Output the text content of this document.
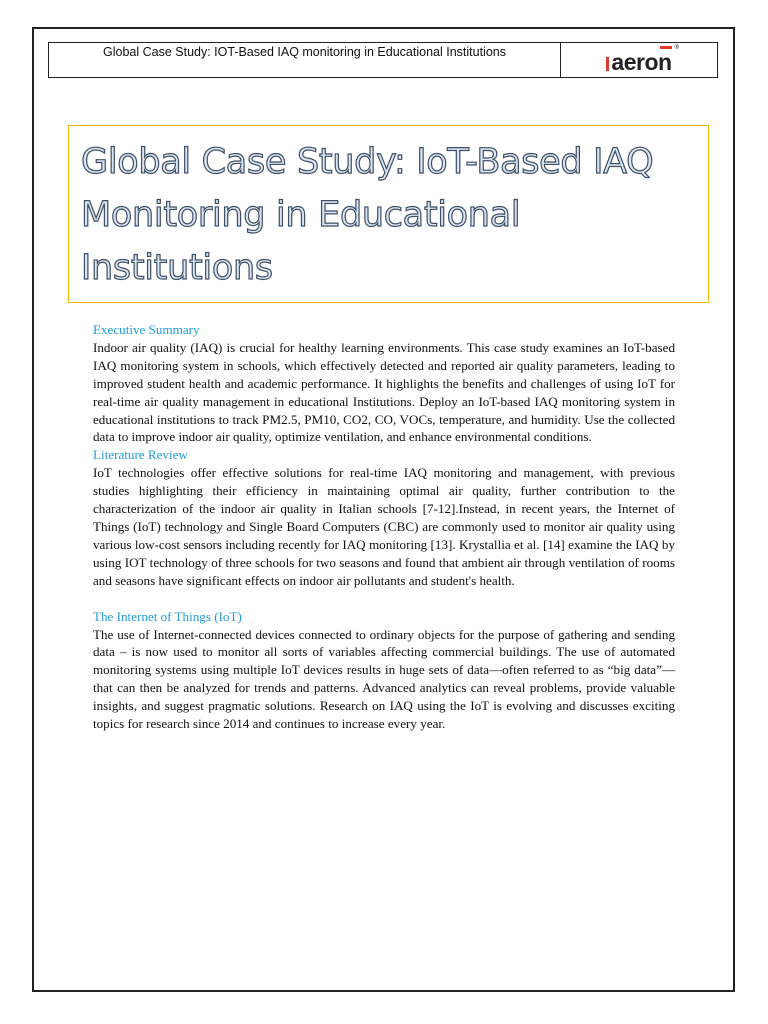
Global Case Study: IOT-Based IAQ monitoring in Educational Institutions	aero
n
®
Global Case Study: IoT-Based IAQ Monitoring in Educational Institutions
Executive Summary

Indoor air quality (IAQ) is crucial for healthy learning environments. This case study examines an IoT-based IAQ monitoring system in schools, which effectively detected and reported air quality parameters, leading to improved student health and academic performance. It highlights the benefits and challenges of using IoT for real-time air quality management in educational Institutions. Deploy an IoT-based IAQ monitoring system in educational institutions to track PM2.5, PM10, CO2, CO, VOCs, temperature, and humidity. Use the collected data to improve indoor air quality, optimize ventilation, and enhance environmental conditions.

Literature Review

IoT technologies offer effective solutions for real-time IAQ monitoring and management, with previous studies highlighting their efficiency in maintaining optimal air quality, further contribution to the characterization of the indoor air quality in Italian schools [7-12].Instead, in recent years, the Internet of Things (IoT) technology and Single Board Computers (CBC) are commonly used to monitor air quality using various low-cost sensors including recently for IAQ monitoring [13]. Krystallia et al. [14] examine the IAQ by using IOT technology of three schools for two seasons and found that ambient air through ventilation of rooms and seasons have significant effects on indoor air pollutants and student's health.

The Internet of Things (IoT)

The use of Internet-connected devices connected to ordinary objects for the purpose of gathering and sending data – is now used to monitor all sorts of variables affecting commercial buildings. The use of automated monitoring systems using multiple IoT devices results in huge sets of data—often referred to as “big data”—that can then be analyzed for trends and patterns. Advanced analytics can reveal problems, provide valuable insights, and suggest pragmatic solutions. Research on IAQ using the IoT is evolving and discusses exciting topics for research since 2014 and continues to increase every year.
